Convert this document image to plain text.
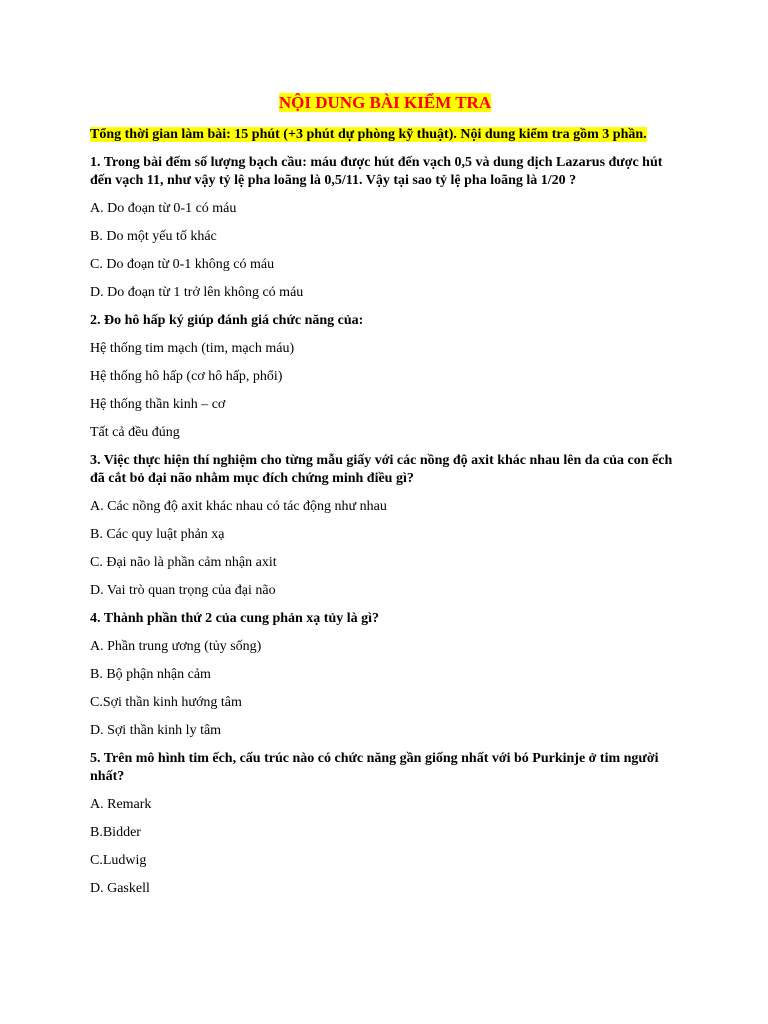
NỘI DUNG BÀI KIỂM TRA
Tổng thời gian làm bài: 15 phút (+3 phút dự phòng kỹ thuật). Nội dung kiểm tra gồm 3 phần.
1. Trong bài đếm số lượng bạch cầu: máu được hút đến vạch 0,5 và dung dịch Lazarus được hút đến vạch 11, như vậy tỷ lệ pha loãng là 0,5/11. Vậy tại sao tỷ lệ pha loãng là 1/20 ?
A. Do đoạn từ 0-1 có máu
B. Do một yếu tố khác
C. Do đoạn từ 0-1 không có máu
D. Do đoạn từ 1 trở lên không có máu
2. Đo hô hấp ký giúp đánh giá chức năng của:
Hệ thống tim mạch (tim, mạch máu)
Hệ thống hô hấp (cơ hô hấp, phổi)
Hệ thống thần kinh – cơ
Tất cả đều đúng
3. Việc thực hiện thí nghiệm cho từng mẫu giấy với các nồng độ axit khác nhau lên da của con ếch đã cắt bỏ đại não nhằm mục đích chứng minh điều gì?
A. Các nồng độ axit khác nhau có tác động như nhau
B. Các quy luật phản xạ
C. Đại não là phần cảm nhận axit
D. Vai trò quan trọng của đại não
4. Thành phần thứ 2 của cung phản xạ tủy là gì?
A. Phần trung ương (tủy sống)
B. Bộ phận nhận cảm
C.Sợi thần kinh hướng tâm
D. Sợi thần kinh ly tâm
5. Trên mô hình tim ếch, cấu trúc nào có chức năng gần giống nhất với bó Purkinje ở tim người nhất?
A. Remark
B.Bidder
C.Ludwig
D. Gaskell
